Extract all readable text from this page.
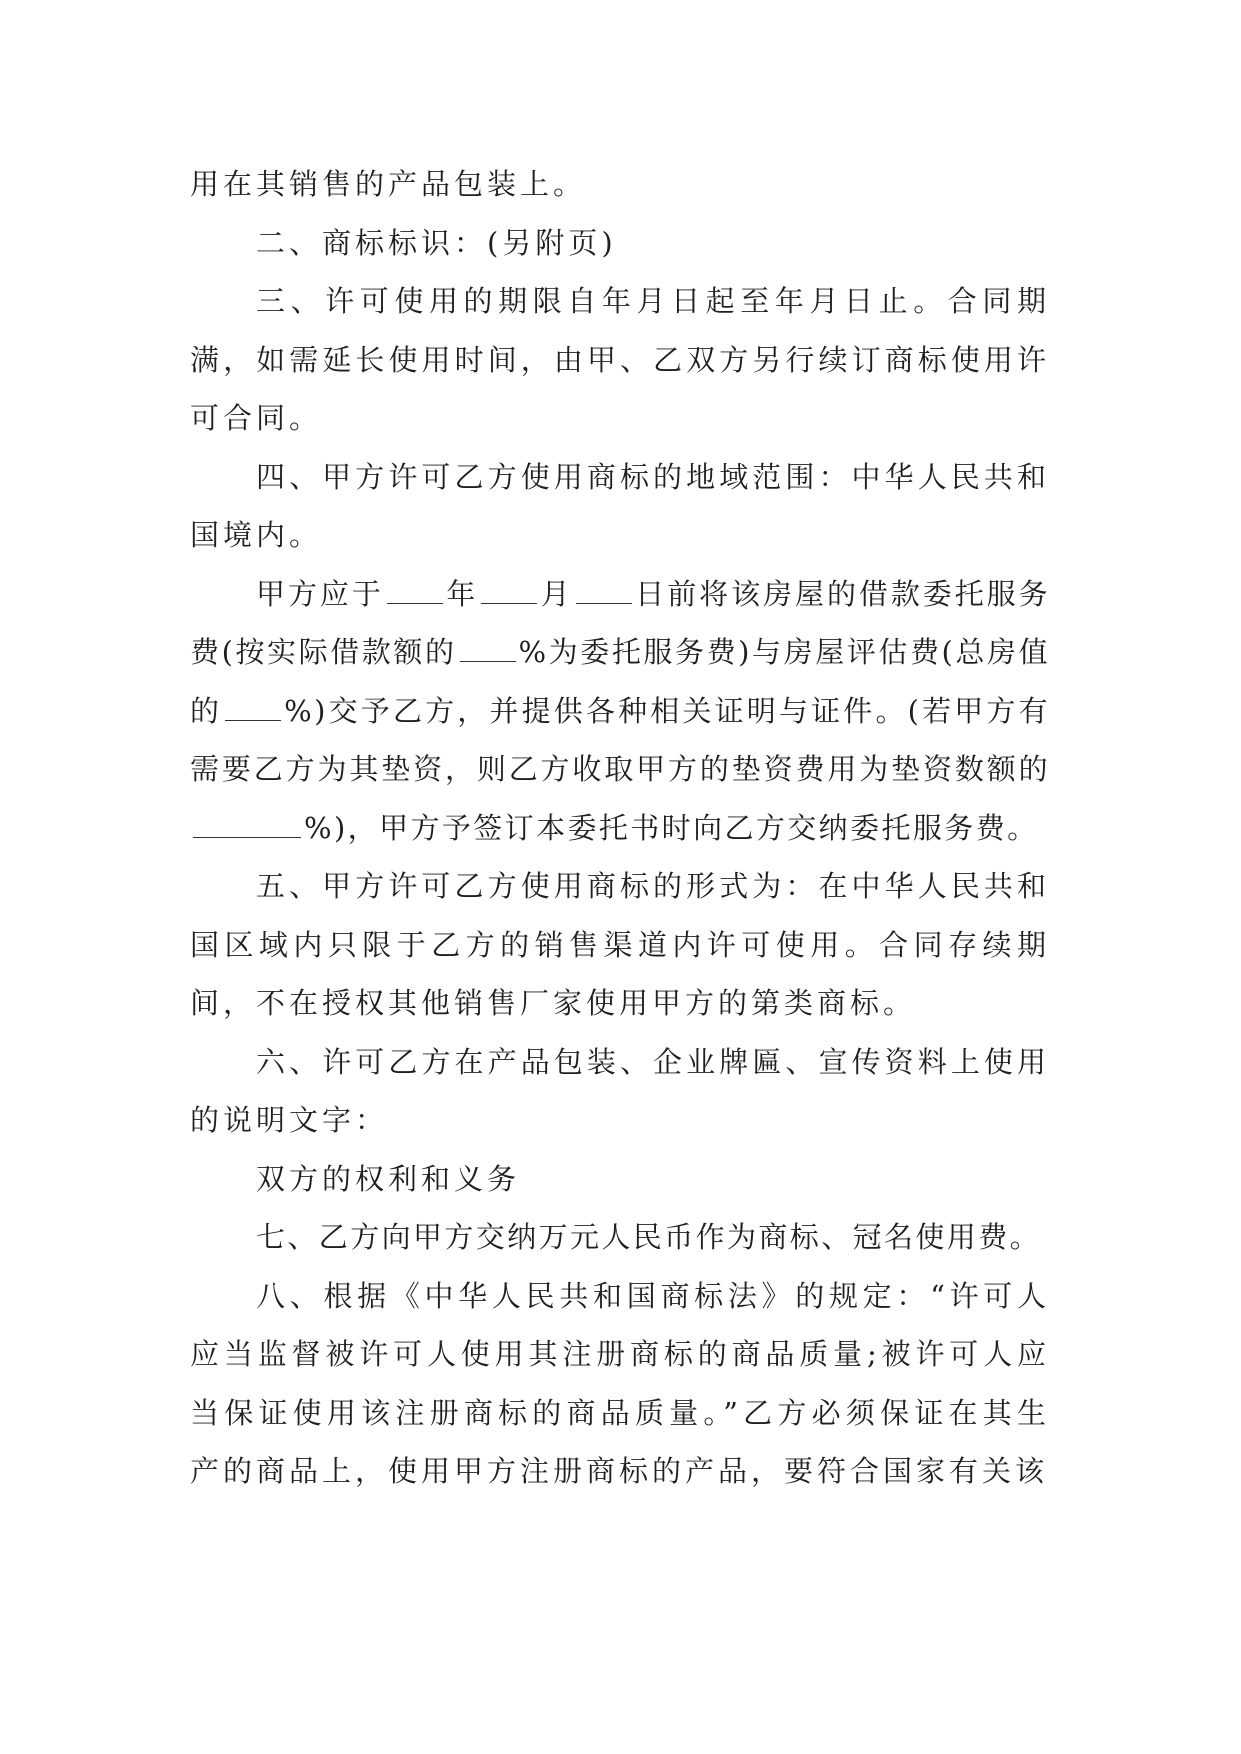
用在其销售的产品包装上。

二、商标标识：(另附页)

三、许可使用的期限自年月日起至年月日止。合同期满，如需延长使用时间，由甲、乙双方另行续订商标使用许可合同。

四、甲方许可乙方使用商标的地域范围：中华人民共和国境内。

甲方应于 年 月 日前将该房屋的借款委托服务费(按实际借款额的 %为委托服务费)与房屋评估费(总房值的 %)交予乙方，并提供各种相关证明与证件。(若甲方有需要乙方为其垫资，则乙方收取甲方的垫资费用为垫资数额的%)，甲方予签订本委托书时向乙方交纳委托服务费。

五、甲方许可乙方使用商标的形式为：在中华人民共和国区域内只限于乙方的销售渠道内许可使用。合同存续期间，不在授权其他销售厂家使用甲方的第类商标。

六、许可乙方在产品包装、企业牌匾、宣传资料上使用的说明文字：

双方的权利和义务

七、乙方向甲方交纳万元人民币作为商标、冠名使用费。

八、根据《中华人民共和国商标法》的规定：“许可人应当监督被许可人使用其注册商标的商品质量;被许可人应当保证使用该注册商标的商品质量。”乙方必须保证在其生产的商品上，使用甲方注册商标的产品，要符合国家有关该
